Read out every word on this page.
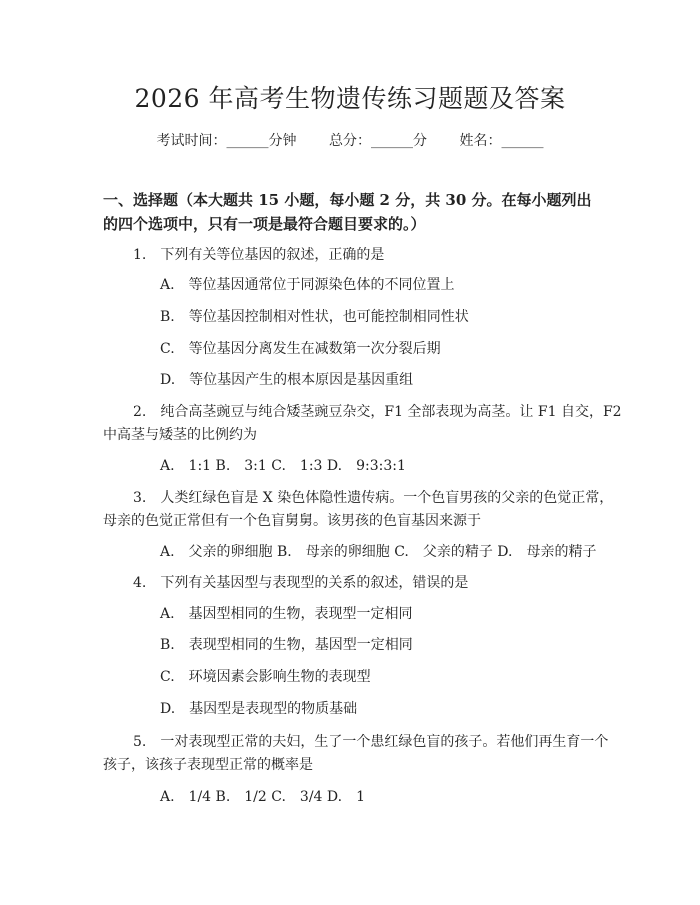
2026 年高考生物遗传练习题题及答案
考试时间：______分钟 总分：______分 姓名：______
一、选择题（本大题共 15 小题，每小题 2 分，共 30 分。在每小题列出的四个选项中，只有一项是最符合题目要求的。）
1.　下列有关等位基因的叙述，正确的是
A.　等位基因通常位于同源染色体的不同位置上
B.　等位基因控制相对性状，也可能控制相同性状
C.　等位基因分离发生在减数第一次分裂后期
D.　等位基因产生的根本原因是基因重组
2.　纯合高茎豌豆与纯合矮茎豌豆杂交，F1 全部表现为高茎。让 F1 自交，F2
中高茎与矮茎的比例约为
A.　1:1 B.　3:1 C.　1:3 D.　9:3:3:1
3.　人类红绿色盲是 X 染色体隐性遗传病。一个色盲男孩的父亲的色觉正常，
母亲的色觉正常但有一个色盲舅舅。该男孩的色盲基因来源于
A.　父亲的卵细胞 B.　母亲的卵细胞 C.　父亲的精子 D.　母亲的精子
4.　下列有关基因型与表现型的关系的叙述，错误的是
A.　基因型相同的生物，表现型一定相同
B.　表现型相同的生物，基因型一定相同
C.　环境因素会影响生物的表现型
D.　基因型是表现型的物质基础
5.　一对表现型正常的夫妇，生了一个患红绿色盲的孩子。若他们再生育一个
孩子，该孩子表现型正常的概率是
A.　1/4 B.　1/2 C.　3/4 D.　1
